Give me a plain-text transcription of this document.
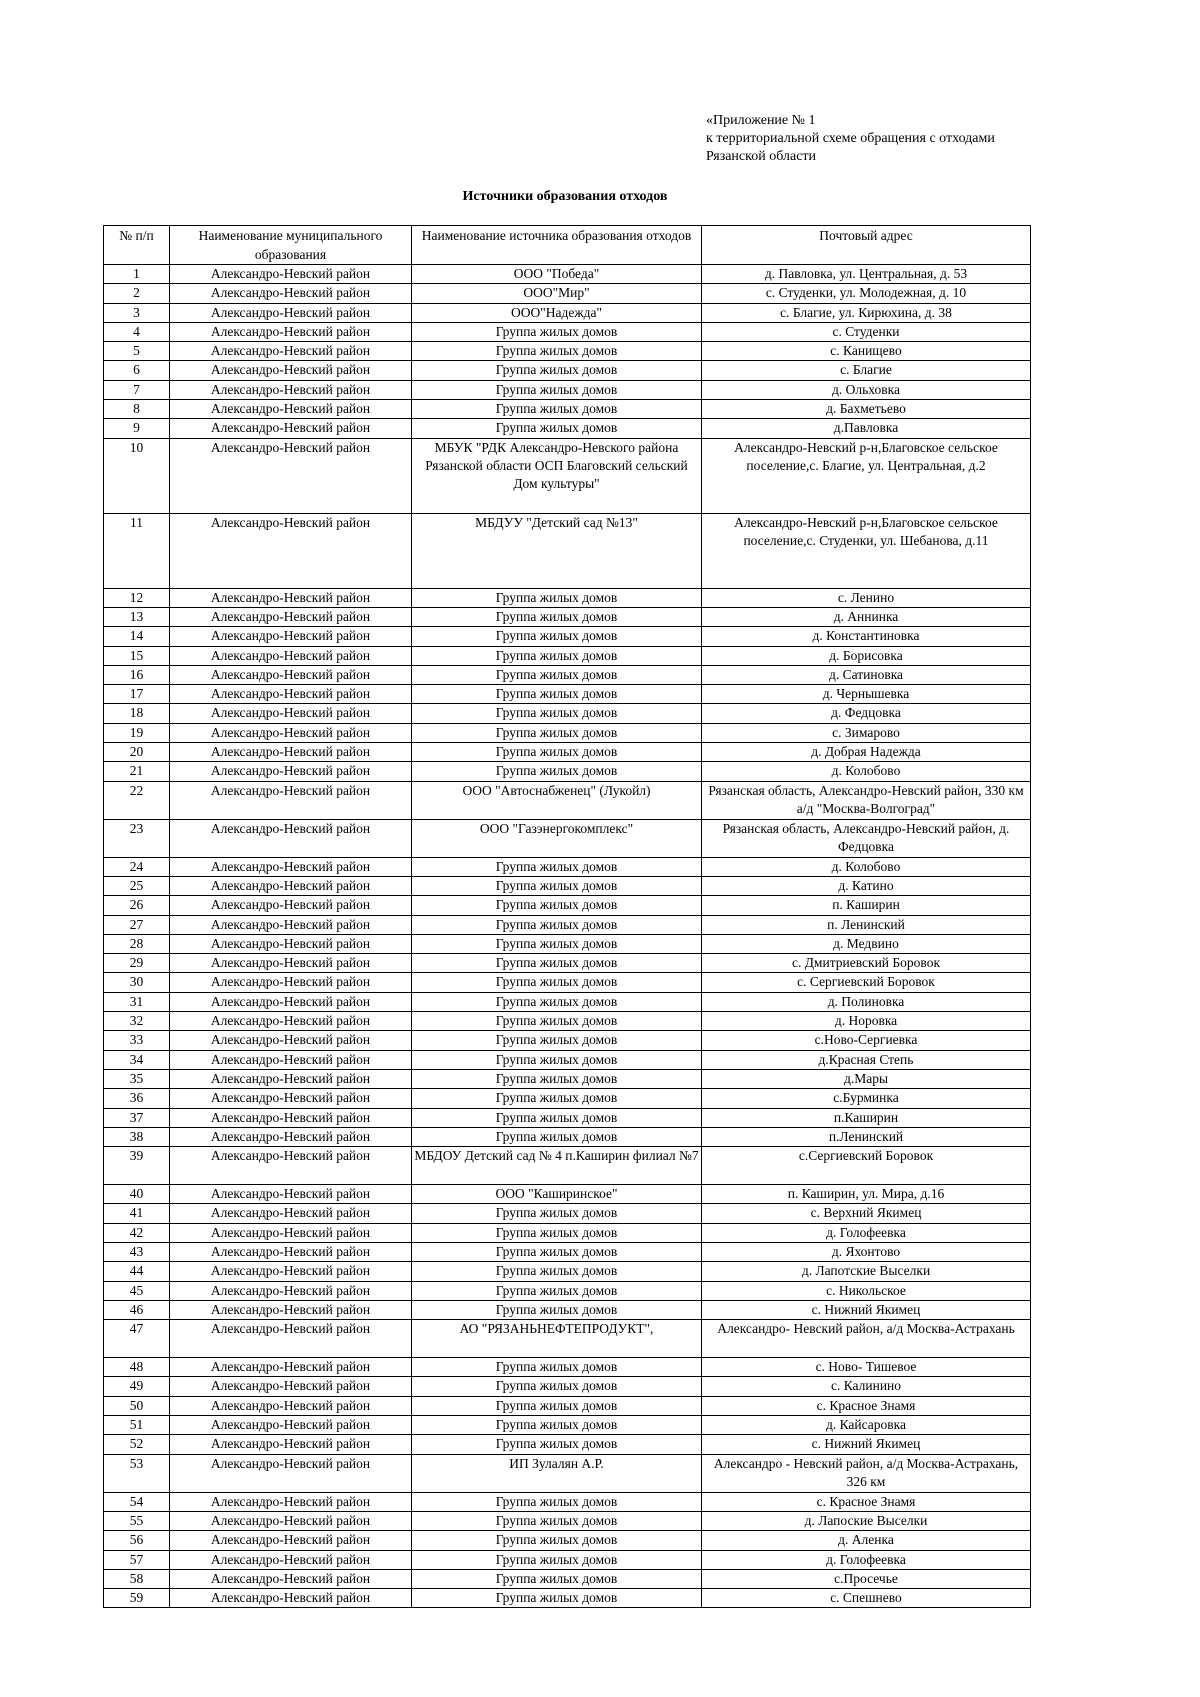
«Приложение № 1
к территориальной схеме обращения с отходами
Рязанской области
Источники образования отходов
№ п/п	Наименование муниципального образования	Наименование источника образования отходов	Почтовый адрес
1	Александро-Невский район	ООО "Победа"	д. Павловка, ул. Центральная, д. 53
2	Александро-Невский район	ООО"Мир"	с. Студенки, ул. Молодежная, д. 10
3	Александро-Невский район	ООО"Надежда"	с. Благие, ул. Кирюхина, д. 38
4	Александро-Невский район	Группа жилых домов	с. Студенки
5	Александро-Невский район	Группа жилых домов	с. Канищево
6	Александро-Невский район	Группа жилых домов	с. Благие
7	Александро-Невский район	Группа жилых домов	д. Ольховка
8	Александро-Невский район	Группа жилых домов	д. Бахметьево
9	Александро-Невский район	Группа жилых домов	д.Павловка
10	Александро-Невский район	МБУК "РДК Александро-Невского района Рязанской области ОСП Благовский сельский Дом культуры"	Александро-Невский р-н,Благовское сельское поселение,с. Благие, ул. Центральная, д.2
11	Александро-Невский район	МБДУУ "Детский сад №13"	Александро-Невский р-н,Благовское сельское поселение,с. Студенки, ул. Шебанова, д.11
12	Александро-Невский район	Группа жилых домов	с. Ленино
13	Александро-Невский район	Группа жилых домов	д. Аннинка
14	Александро-Невский район	Группа жилых домов	д. Константиновка
15	Александро-Невский район	Группа жилых домов	д. Борисовка
16	Александро-Невский район	Группа жилых домов	д. Сатиновка
17	Александро-Невский район	Группа жилых домов	д. Чернышевка
18	Александро-Невский район	Группа жилых домов	д. Федцовка
19	Александро-Невский район	Группа жилых домов	с. Зимарово
20	Александро-Невский район	Группа жилых домов	д. Добрая Надежда
21	Александро-Невский район	Группа жилых домов	д. Колобово
22	Александро-Невский район	ООО "Автоснабженец" (Лукойл)	Рязанская область, Александро-Невский район, 330 км а/д "Москва-Волгоград"
23	Александро-Невский район	ООО "Газэнергокомплекс"	Рязанская область, Александро-Невский район, д. Федцовка
24	Александро-Невский район	Группа жилых домов	д. Колобово
25	Александро-Невский район	Группа жилых домов	д. Катино
26	Александро-Невский район	Группа жилых домов	п. Каширин
27	Александро-Невский район	Группа жилых домов	п. Ленинский
28	Александро-Невский район	Группа жилых домов	д. Медвино
29	Александро-Невский район	Группа жилых домов	с. Дмитриевский Боровок
30	Александро-Невский район	Группа жилых домов	с. Сергиевский Боровок
31	Александро-Невский район	Группа жилых домов	д. Полиновка
32	Александро-Невский район	Группа жилых домов	д. Норовка
33	Александро-Невский район	Группа жилых домов	с.Ново-Сергиевка
34	Александро-Невский район	Группа жилых домов	д.Красная Степь
35	Александро-Невский район	Группа жилых домов	д.Мары
36	Александро-Невский район	Группа жилых домов	с.Бурминка
37	Александро-Невский район	Группа жилых домов	п.Каширин
38	Александро-Невский район	Группа жилых домов	п.Ленинский
39	Александро-Невский район	МБДОУ Детский сад № 4 п.Каширин филиал №7	с.Сергиевский Боровок
40	Александро-Невский район	ООО "Каширинское"	п. Каширин, ул. Мира, д.16
41	Александро-Невский район	Группа жилых домов	с. Верхний Якимец
42	Александро-Невский район	Группа жилых домов	д. Голофеевка
43	Александро-Невский район	Группа жилых домов	д. Яхонтово
44	Александро-Невский район	Группа жилых домов	д. Лапотские Выселки
45	Александро-Невский район	Группа жилых домов	с. Никольское
46	Александро-Невский район	Группа жилых домов	с. Нижний Якимец
47	Александро-Невский район	АО "РЯЗАНЬНЕФТЕПРОДУКТ",	Александро- Невский район, а/д Москва-Астрахань
48	Александро-Невский район	Группа жилых домов	с. Ново- Тишевое
49	Александро-Невский район	Группа жилых домов	с. Калинино
50	Александро-Невский район	Группа жилых домов	с. Красное Знамя
51	Александро-Невский район	Группа жилых домов	д. Кайсаровка
52	Александро-Невский район	Группа жилых домов	с. Нижний Якимец
53	Александро-Невский район	ИП Зулалян А.Р.	Александро - Невский район, а/д Москва-Астрахань, 326 км
54	Александро-Невский район	Группа жилых домов	с. Красное Знамя
55	Александро-Невский район	Группа жилых домов	д. Лапоские Выселки
56	Александро-Невский район	Группа жилых домов	д. Аленка
57	Александро-Невский район	Группа жилых домов	д. Голофеевка
58	Александро-Невский район	Группа жилых домов	с.Просечье
59	Александро-Невский район	Группа жилых домов	с. Спешнево
